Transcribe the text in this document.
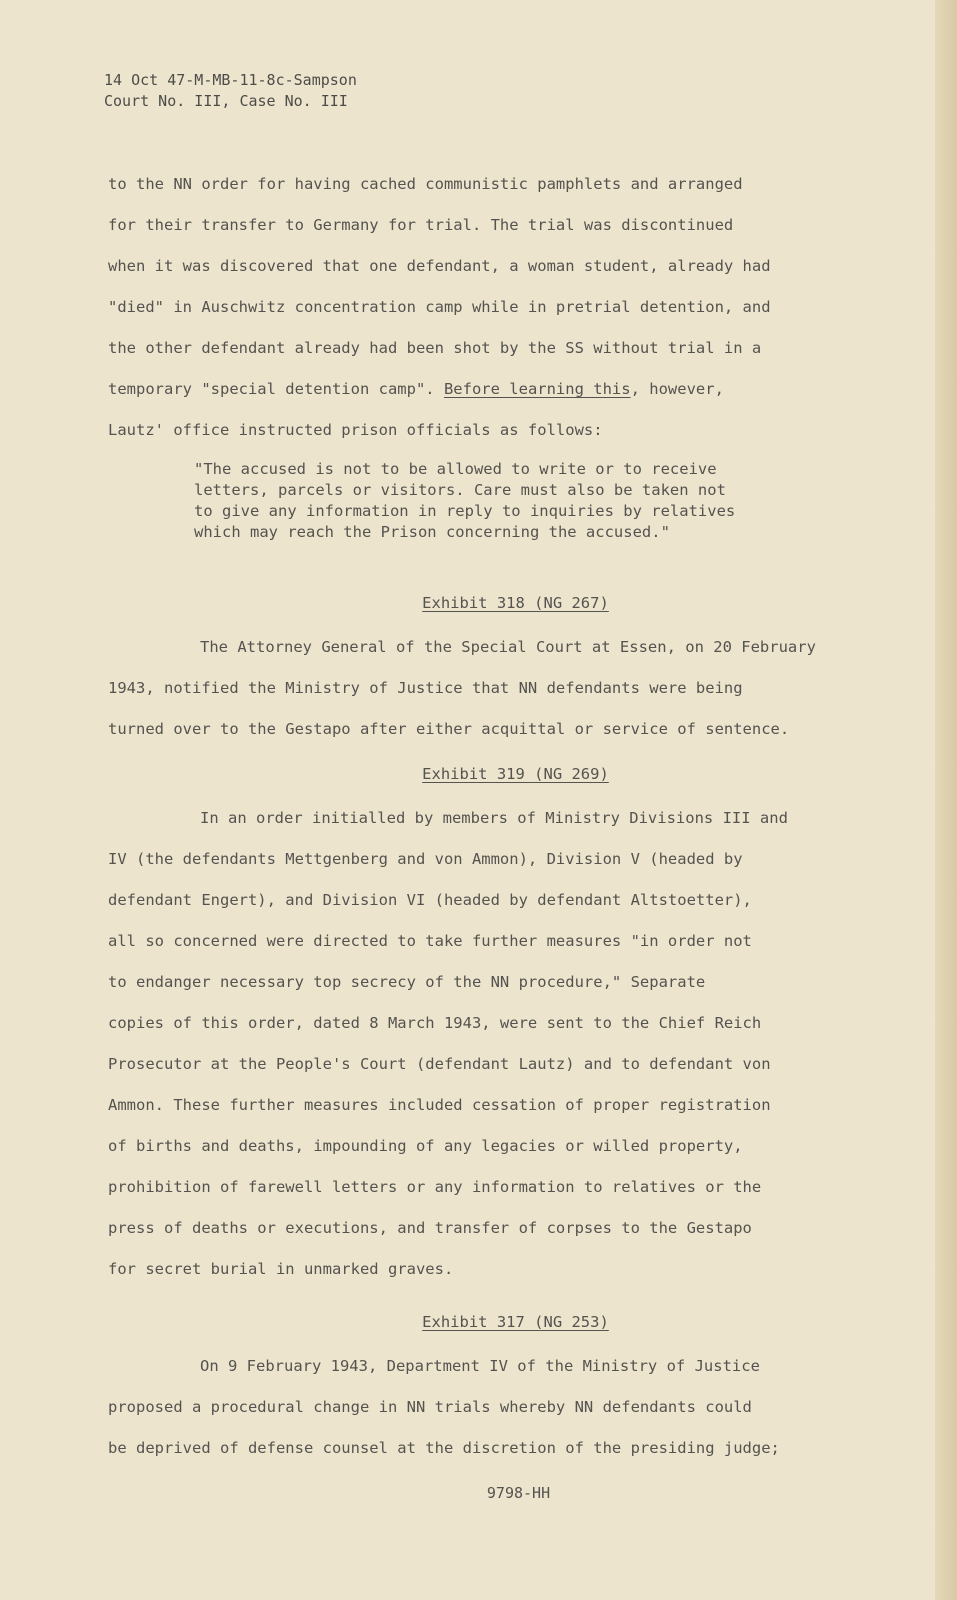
14 Oct 47-M-MB-11-8c-Sampson
Court No. III, Case No. III
to the NN order for having cached communistic pamphlets and arranged
for their transfer to Germany for trial. The trial was discontinued
when it was discovered that one defendant, a woman student, already had
"died" in Auschwitz concentration camp while in pretrial detention, and
the other defendant already had been shot by the SS without trial in a
temporary "special detention camp". Before learning this, however,
Lautz' office instructed prison officials as follows:
"The accused is not to be allowed to write or to receive
letters, parcels or visitors. Care must also be taken not
to give any information in reply to inquiries by relatives
which may reach the Prison concerning the accused."
Exhibit 318 (NG 267)
The Attorney General of the Special Court at Essen, on 20 February
1943, notified the Ministry of Justice that NN defendants were being
turned over to the Gestapo after either acquittal or service of sentence.
Exhibit 319 (NG 269)
In an order initialled by members of Ministry Divisions III and
IV (the defendants Mettgenberg and von Ammon), Division V (headed by
defendant Engert), and Division VI (headed by defendant Altstoetter),
all so concerned were directed to take further measures "in order not
to endanger necessary top secrecy of the NN procedure," Separate
copies of this order, dated 8 March 1943, were sent to the Chief Reich
Prosecutor at the People's Court (defendant Lautz) and to defendant von
Ammon. These further measures included cessation of proper registration
of births and deaths, impounding of any legacies or willed property,
prohibition of farewell letters or any information to relatives or the
press of deaths or executions, and transfer of corpses to the Gestapo
for secret burial in unmarked graves.
Exhibit 317 (NG 253)
On 9 February 1943, Department IV of the Ministry of Justice
proposed a procedural change in NN trials whereby NN defendants could
be deprived of defense counsel at the discretion of the presiding judge;
9798-HH
